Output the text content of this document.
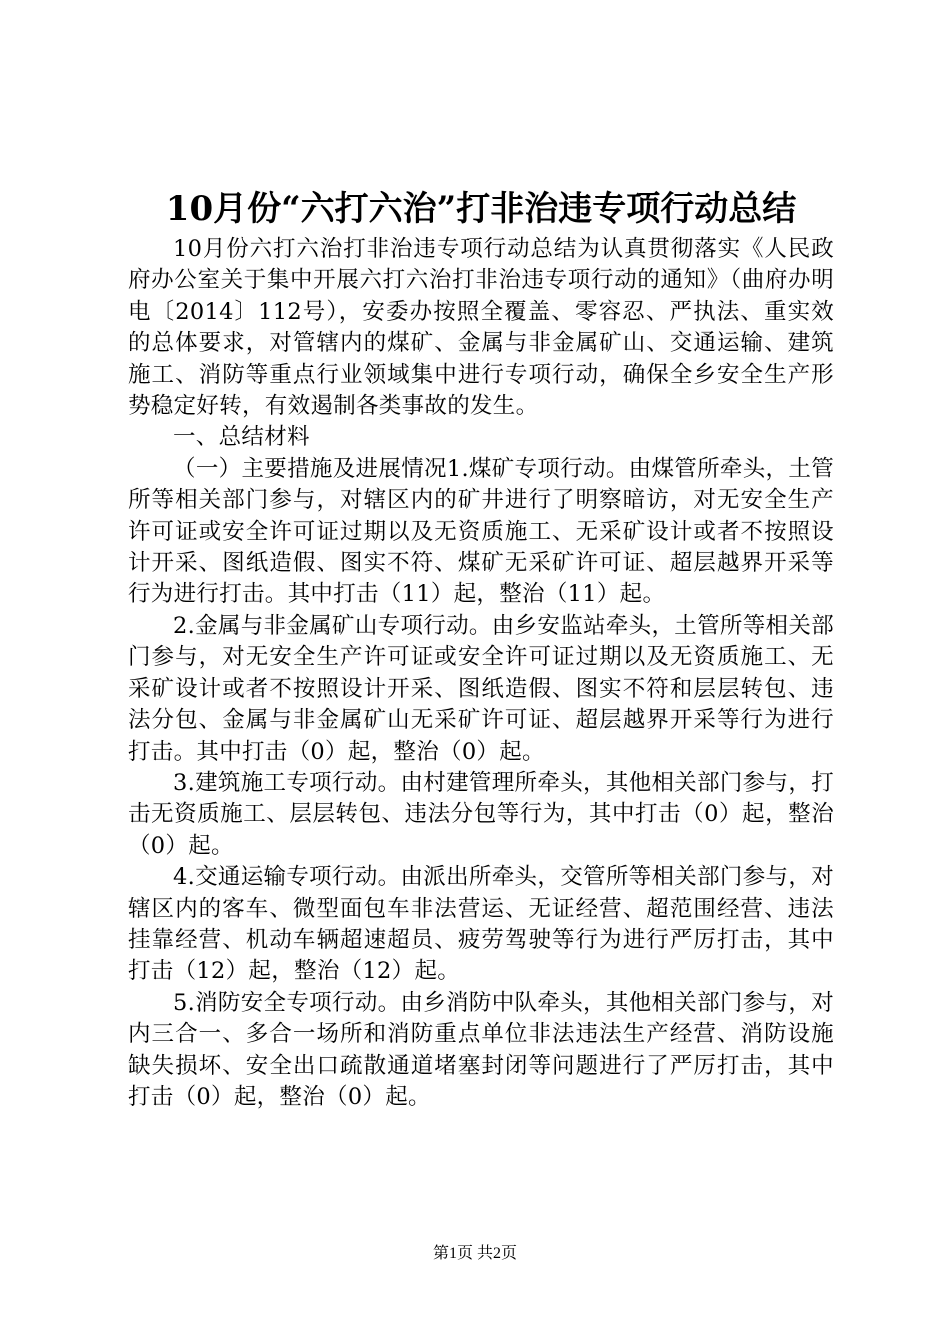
10月份“六打六治”打非治违专项行动总结

10月份六打六治打非治违专项行动总结为认真贯彻落实《人民政府办公室关于集中开展六打六治打非治违专项行动的通知》（曲府办明电〔2014〕112号），安委办按照全覆盖、零容忍、严执法、重实效的总体要求，对管辖内的煤矿、金属与非金属矿山、交通运输、建筑施工、消防等重点行业领域集中进行专项行动，确保全乡安全生产形势稳定好转，有效遏制各类事故的发生。

一、总结材料

（一）主要措施及进展情况1.煤矿专项行动。由煤管所牵头，土管所等相关部门参与，对辖区内的矿井进行了明察暗访，对无安全生产许可证或安全许可证过期以及无资质施工、无采矿设计或者不按照设计开采、图纸造假、图实不符、煤矿无采矿许可证、超层越界开采等行为进行打击。其中打击（11）起，整治（11）起。

2.金属与非金属矿山专项行动。由乡安监站牵头，土管所等相关部门参与，对无安全生产许可证或安全许可证过期以及无资质施工、无采矿设计或者不按照设计开采、图纸造假、图实不符和层层转包、违法分包、金属与非金属矿山无采矿许可证、超层越界开采等行为进行打击。其中打击（0）起，整治（0）起。

3.建筑施工专项行动。由村建管理所牵头，其他相关部门参与，打击无资质施工、层层转包、违法分包等行为，其中打击（0）起，整治（0）起。

4.交通运输专项行动。由派出所牵头，交管所等相关部门参与，对辖区内的客车、微型面包车非法营运、无证经营、超范围经营、违法挂靠经营、机动车辆超速超员、疲劳驾驶等行为进行严厉打击，其中打击（12）起，整治（12）起。

5.消防安全专项行动。由乡消防中队牵头，其他相关部门参与，对内三合一、多合一场所和消防重点单位非法违法生产经营、消防设施缺失损坏、安全出口疏散通道堵塞封闭等问题进行了严厉打击，其中打击（0）起，整治（0）起。

第1页 共2页
